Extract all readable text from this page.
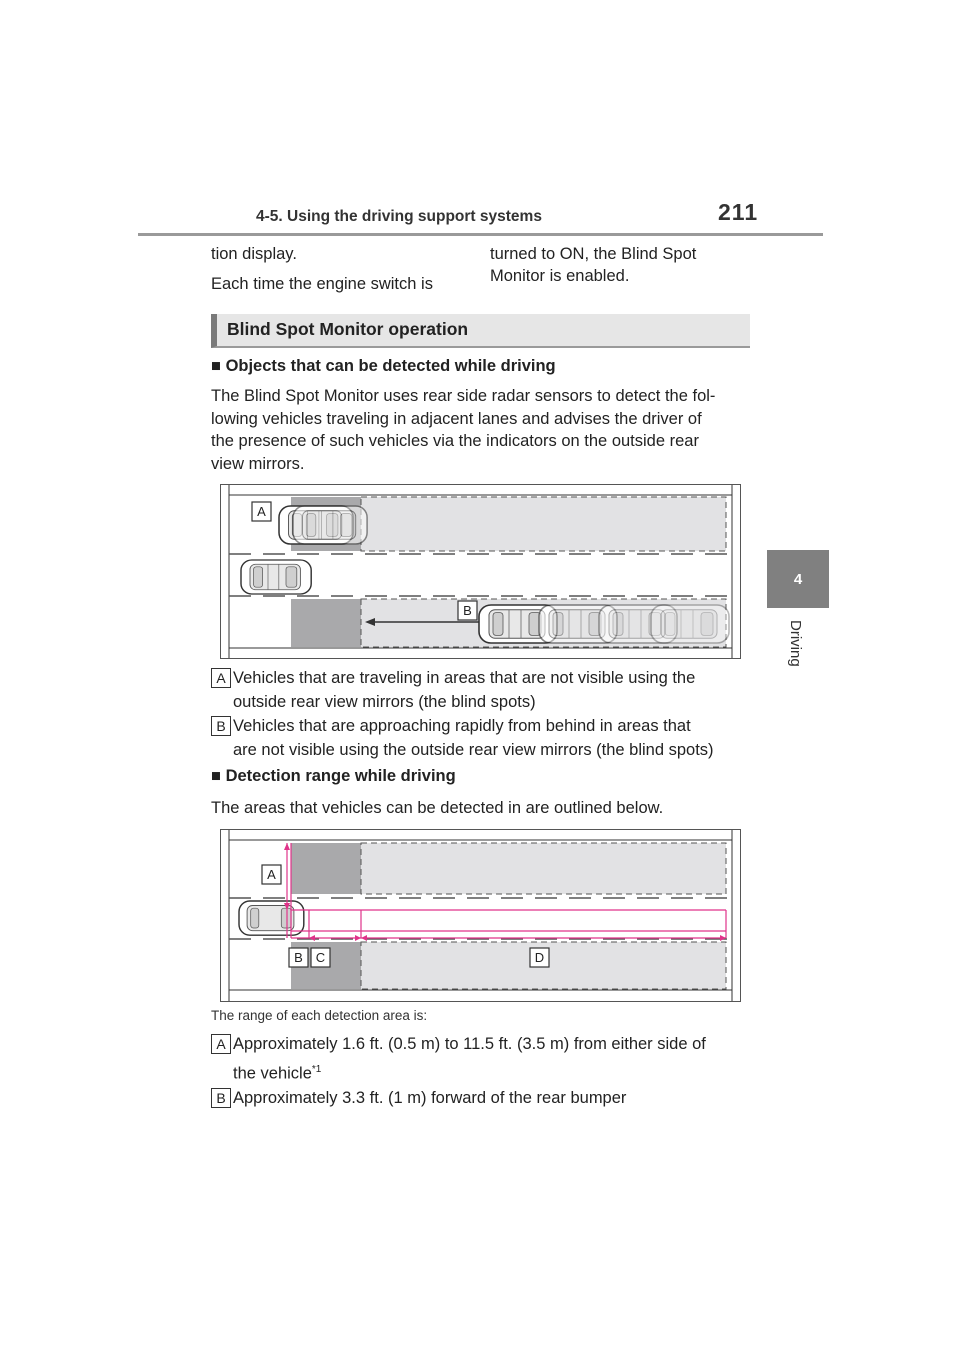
4-5. Using the driving support systems	211
4
Driving
tion display.
Each time the engine switch is
turned to ON, the Blind Spot
Monitor is enabled.
Blind Spot Monitor operation
■ Objects that can be detected while driving
The Blind Spot Monitor uses rear side radar sensors to detect the fol-
lowing vehicles traveling in adjacent lanes and advises the driver of
the presence of such vehicles via the indicators on the outside rear
view mirrors.
A
B
A Vehicles that are traveling in areas that are not visible using the
outside rear view mirrors (the blind spots)
B Vehicles that are approaching rapidly from behind in areas that
are not visible using the outside rear view mirrors (the blind spots)
■ Detection range while driving
The areas that vehicles can be detected in are outlined below.
A
B C	D
The range of each detection area is:
A Approximately 1.6 ft. (0.5 m) to 11.5 ft. (3.5 m) from either side of
the vehicle$^{*1}$
B Approximately 3.3 ft. (1 m) forward of the rear bumper
